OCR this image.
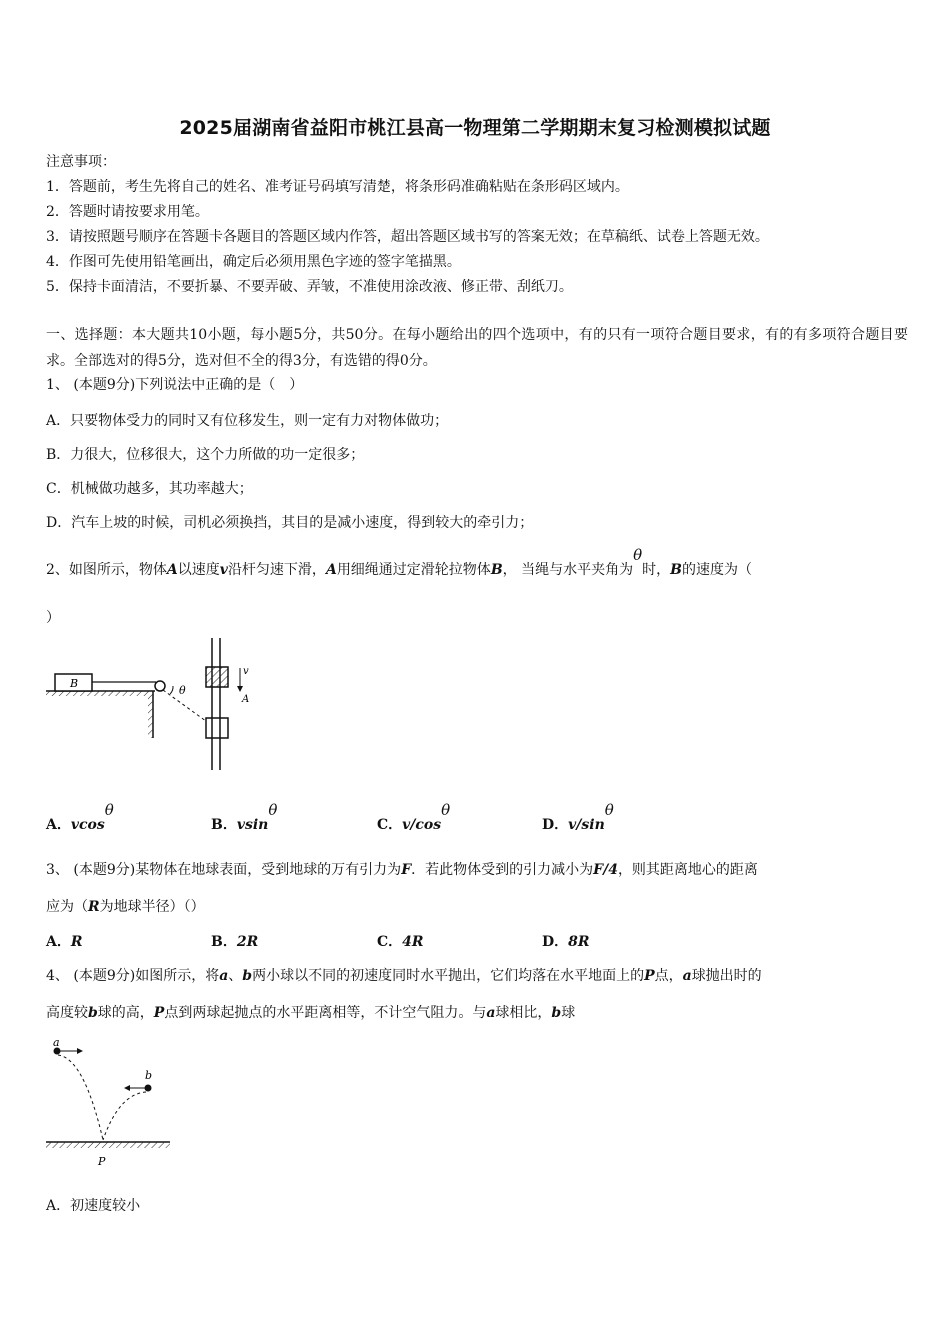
2025届湖南省益阳市桃江县高一物理第二学期期末复习检测模拟试题
注意事项：
1．答题前，考生先将自己的姓名、准考证号码填写清楚，将条形码准确粘贴在条形码区域内。
2．答题时请按要求用笔。
3．请按照题号顺序在答题卡各题目的答题区域内作答，超出答题区域书写的答案无效；在草稿纸、试卷上答题无效。
4．作图可先使用铅笔画出，确定后必须用黑色字迹的签字笔描黑。
5．保持卡面清洁，不要折暴、不要弄破、弄皱，不准使用涂改液、修正带、刮纸刀。
一、选择题：本大题共10小题，每小题5分，共50分。在每小题给出的四个选项中，有的只有一项符合题目要求，有的有多项符合题目要求。全部选对的得5分，选对但不全的得3分，有选错的得0分。
1、 (本题9分)下列说法中正确的是（　）
A．只要物体受力的同时又有位移发生，则一定有力对物体做功；
B．力很大，位移很大，这个力所做的功一定很多；
C．机械做功越多，其功率越大；
D．汽车上坡的时候，司机必须换挡，其目的是减小速度，得到较大的牵引力；
2、如图所示，物体A以速度v沿杆匀速下滑，A用细绳通过定滑轮拉物体B， 当绳与水平夹角为θ时，B的速度为（
）
B
θ
v
A
A．vcosθ
B．vsinθ
C．v/cosθ
D．v/sinθ
3、 (本题9分)某物体在地球表面，受到地球的万有引力为F．若此物体受到的引力减小为F/4，则其距离地心的距离
应为（R为地球半径）（）
A．R	B．2R	C．4R	D．8R
4、 (本题9分)如图所示，将a、b两小球以不同的初速度同时水平抛出，它们均落在水平地面上的P点，a球抛出时的
高度较b球的高，P点到两球起抛点的水平距离相等，不计空气阻力。与a球相比，b球
a
b
P
A．初速度较小
